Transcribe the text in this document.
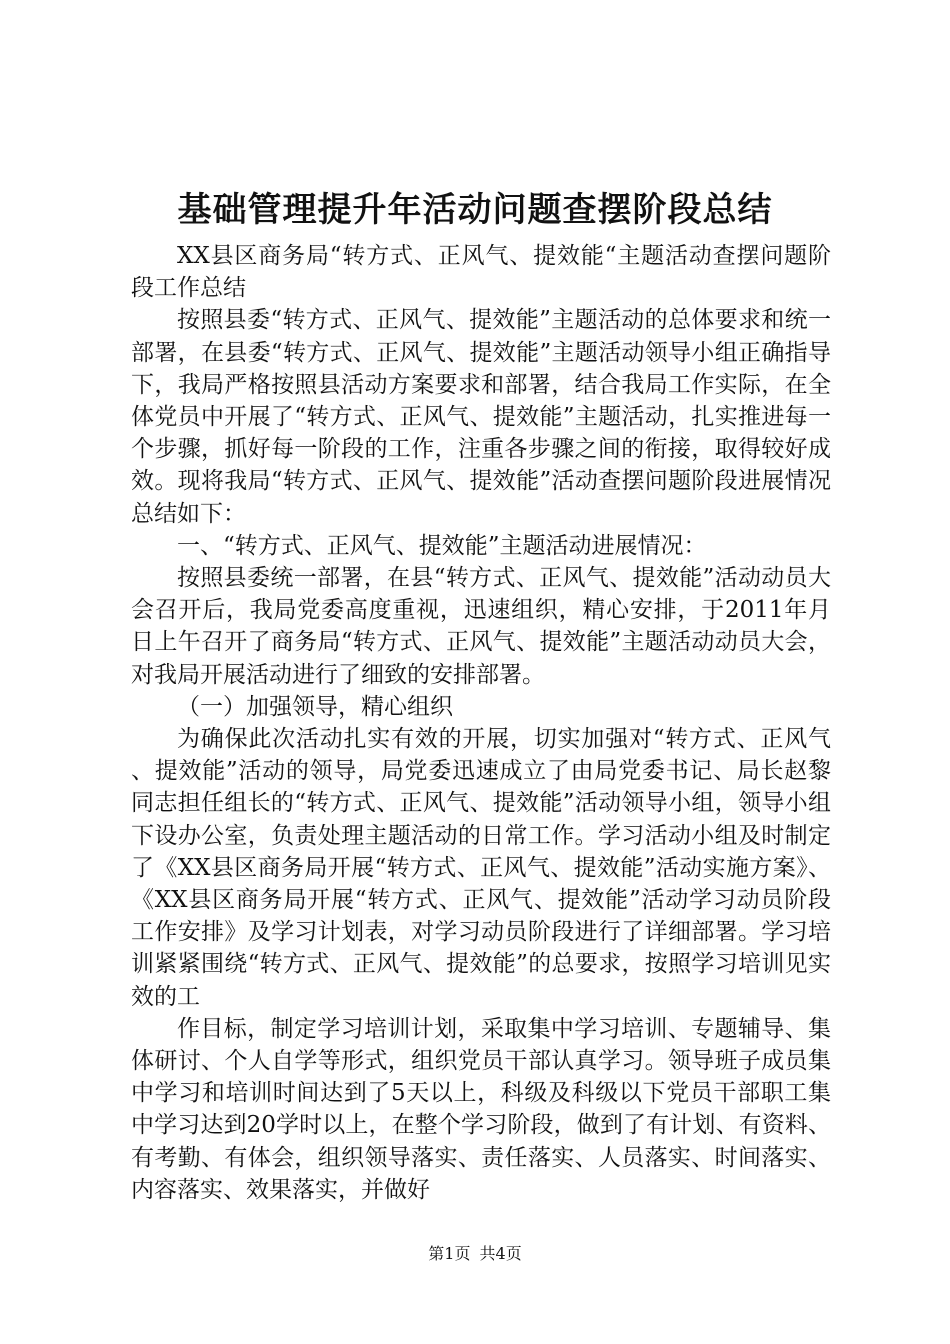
基础管理提升年活动问题查摆阶段总结

XX县区商务局“转方式、正风气、提效能“主题活动查摆问题阶段工作总结

按照县委“转方式、正风气、提效能”主题活动的总体要求和统一部署，在县委“转方式、正风气、提效能”主题活动领导小组正确指导下，我局严格按照县活动方案要求和部署，结合我局工作实际，在全体党员中开展了“转方式、正风气、提效能”主题活动，扎实推进每一个步骤，抓好每一阶段的工作，注重各步骤之间的衔接，取得较好成效。现将我局“转方式、正风气、提效能”活动查摆问题阶段进展情况总结如下：

一、“转方式、正风气、提效能”主题活动进展情况：

按照县委统一部署，在县“转方式、正风气、提效能”活动动员大会召开后，我局党委高度重视，迅速组织，精心安排，于2011年月日上午召开了商务局“转方式、正风气、提效能”主题活动动员大会，对我局开展活动进行了细致的安排部署。

（一）加强领导，精心组织

为确保此次活动扎实有效的开展，切实加强对“转方式、正风气、提效能”活动的领导，局党委迅速成立了由局党委书记、局长赵黎同志担任组长的“转方式、正风气、提效能”活动领导小组，领导小组下设办公室，负责处理主题活动的日常工作。学习活动小组及时制定了《XX县区商务局开展“转方式、正风气、提效能”活动实施方案》、《XX县区商务局开展“转方式、正风气、提效能”活动学习动员阶段工作安排》及学习计划表，对学习动员阶段进行了详细部署。学习培训紧紧围绕“转方式、正风气、提效能”的总要求，按照学习培训见实效的工

作目标，制定学习培训计划，采取集中学习培训、专题辅导、集体研讨、个人自学等形式，组织党员干部认真学习。领导班子成员集中学习和培训时间达到了5天以上，科级及科级以下党员干部职工集中学习达到20学时以上，在整个学习阶段，做到了有计划、有资料、有考勤、有体会，组织领导落实、责任落实、人员落实、时间落实、内容落实、效果落实，并做好

第1页 共4页
